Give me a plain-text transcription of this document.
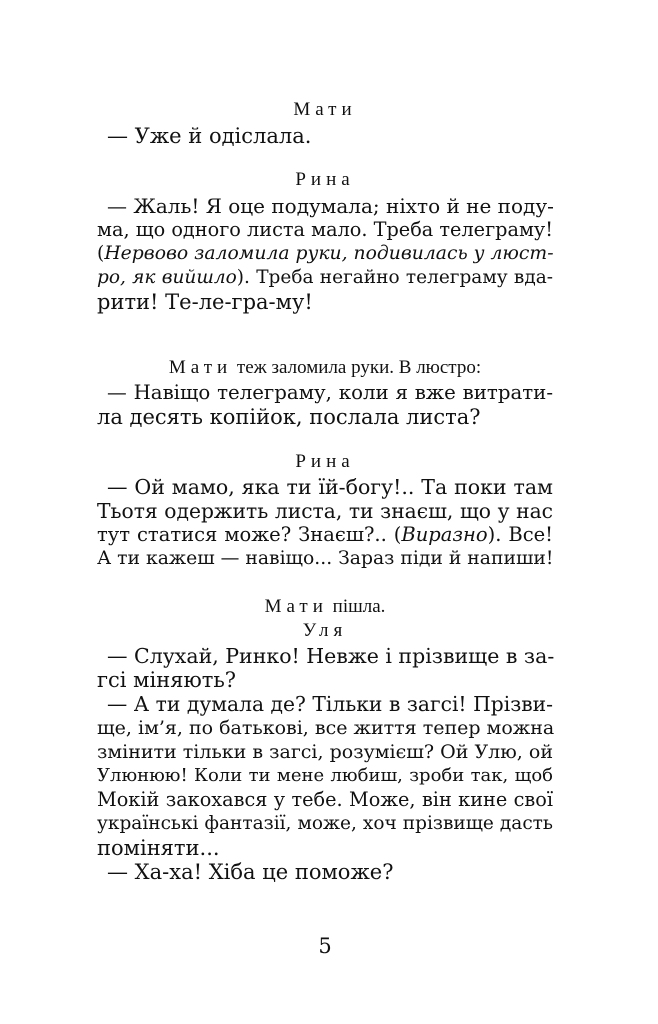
Мати
— Уже й одіслала.
Рина
— Жаль! Я оце подумала; ніхто й не поду-
ма, що одного листа мало. Треба телеграму!
(Нервово заломила руки, подивилась у люст-
ро, як вийшло). Треба негайно телеграму вда-
рити! Те-ле-гра-му!
Мати теж заломила руки. В люстро:
— Навіщо телеграму, коли я вже витрати-
ла десять копійок, послала листа?
Рина
— Ой мамо, яка ти їй-богу!.. Та поки там
Тьотя одержить листа, ти знаєш, що у нас
тут статися може? Знаєш?.. (Виразно). Все!
А ти кажеш — навіщо... Зараз піди й напиши!
Мати пішла.
Уля
— Слухай, Ринко! Невже і прізвище в за-
гсі міняють?
— А ти думала де? Тільки в загсі! Прізви-
ще, ім’я, по батькові, все життя тепер можна
змінити тільки в загсі, розумієш? Ой Улю, ой
Улюнюю! Коли ти мене любиш, зроби так, щоб
Мокій закохався у тебе. Може, він кине свої
українські фантазії, може, хоч прізвище дасть
поміняти...
— Ха-ха! Хіба це поможе?
5
